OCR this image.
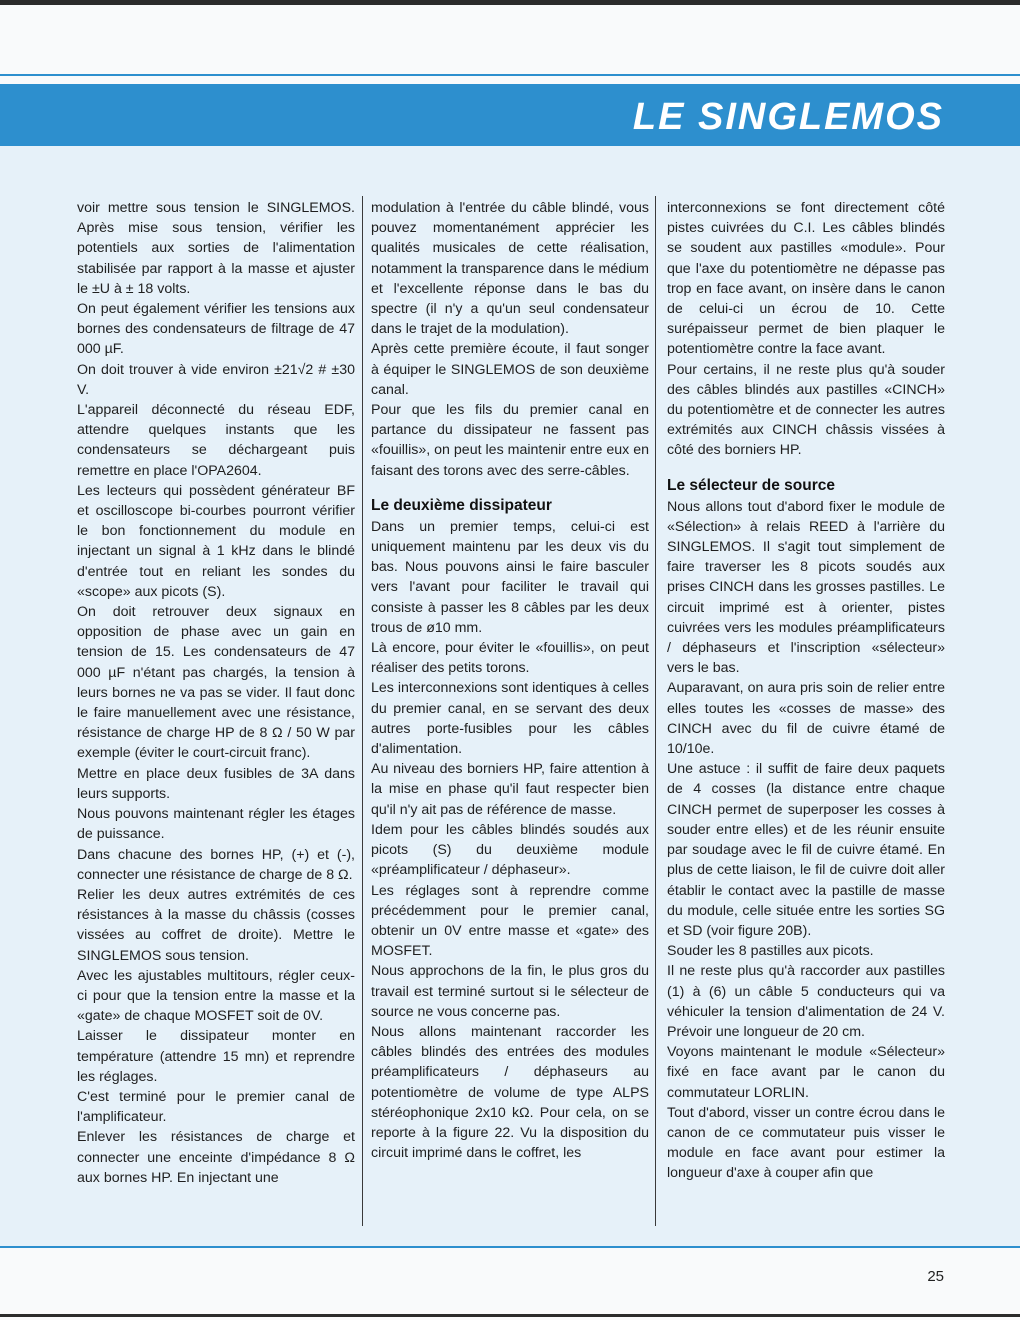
LE SINGLEMOS

voir mettre sous tension le SINGLEMOS. Après mise sous tension, vérifier les potentiels aux sorties de l'alimentation stabilisée par rapport à la masse et ajuster le ±U à ± 18 volts.

On peut également vérifier les tensions aux bornes des condensateurs de filtrage de 47 000 µF.

On doit trouver à vide environ ±21√2 # ±30 V.

L'appareil déconnecté du réseau EDF, attendre quelques instants que les condensateurs se déchargeant puis remettre en place l'OPA2604.

Les lecteurs qui possèdent générateur BF et oscilloscope bi-courbes pourront vérifier le bon fonctionnement du module en injectant un signal à 1 kHz dans le blindé d'entrée tout en reliant les sondes du «scope» aux picots (S).

On doit retrouver deux signaux en opposition de phase avec un gain en tension de 15. Les condensateurs de 47 000 µF n'étant pas chargés, la tension à leurs bornes ne va pas se vider. Il faut donc le faire manuellement avec une résistance, résistance de charge HP de 8 Ω / 50 W par exemple (éviter le court-circuit franc).

Mettre en place deux fusibles de 3A dans leurs supports.

Nous pouvons maintenant régler les étages de puissance.

Dans chacune des bornes HP, (+) et (-), connecter une résistance de charge de 8 Ω.

Relier les deux autres extrémités de ces résistances à la masse du châssis (cosses vissées au coffret de droite). Mettre le SINGLEMOS sous tension.

Avec les ajustables multitours, régler ceux-ci pour que la tension entre la masse et la «gate» de chaque MOSFET soit de 0V.

Laisser le dissipateur monter en température (attendre 15 mn) et reprendre les réglages.

C'est terminé pour le premier canal de l'amplificateur.

Enlever les résistances de charge et connecter une enceinte d'impédance 8 Ω aux bornes HP. En injectant une

modulation à l'entrée du câble blindé, vous pouvez momentanément apprécier les qualités musicales de cette réalisation, notamment la transparence dans le médium et l'excellente réponse dans le bas du spectre (il n'y a qu'un seul condensateur dans le trajet de la modulation).

Après cette première écoute, il faut songer à équiper le SINGLEMOS de son deuxième canal.

Pour que les fils du premier canal en partance du dissipateur ne fassent pas «fouillis», on peut les maintenir entre eux en faisant des torons avec des serre-câbles.

Le deuxième dissipateur

Dans un premier temps, celui-ci est uniquement maintenu par les deux vis du bas. Nous pouvons ainsi le faire basculer vers l'avant pour faciliter le travail qui consiste à passer les 8 câbles par les deux trous de ø10 mm.

Là encore, pour éviter le «fouillis», on peut réaliser des petits torons.

Les interconnexions sont identiques à celles du premier canal, en se servant des deux autres porte-fusibles pour les câbles d'alimentation.

Au niveau des borniers HP, faire attention à la mise en phase qu'il faut respecter bien qu'il n'y ait pas de référence de masse.

Idem pour les câbles blindés soudés aux picots (S) du deuxième module «préamplificateur / déphaseur».

Les réglages sont à reprendre comme précédemment pour le premier canal, obtenir un 0V entre masse et «gate» des MOSFET.

Nous approchons de la fin, le plus gros du travail est terminé surtout si le sélecteur de source ne vous concerne pas.

Nous allons maintenant raccorder les câbles blindés des entrées des modules préamplificateurs / déphaseurs au potentiomètre de volume de type ALPS stéréophonique 2x10 kΩ. Pour cela, on se reporte à la figure 22. Vu la disposition du circuit imprimé dans le coffret, les

interconnexions se font directement côté pistes cuivrées du C.I. Les câbles blindés se soudent aux pastilles «module». Pour que l'axe du potentiomètre ne dépasse pas trop en face avant, on insère dans le canon de celui-ci un écrou de 10. Cette surépaisseur permet de bien plaquer le potentiomètre contre la face avant.

Pour certains, il ne reste plus qu'à souder des câbles blindés aux pastilles «CINCH» du potentiomètre et de connecter les autres extrémités aux CINCH châssis vissées à côté des borniers HP.

Le sélecteur de source

Nous allons tout d'abord fixer le module de «Sélection» à relais REED à l'arrière du SINGLEMOS. Il s'agit tout simplement de faire traverser les 8 picots soudés aux prises CINCH dans les grosses pastilles. Le circuit imprimé est à orienter, pistes cuivrées vers les modules préamplificateurs / déphaseurs et l'inscription «sélecteur» vers le bas.

Auparavant, on aura pris soin de relier entre elles toutes les «cosses de masse» des CINCH avec du fil de cuivre étamé de 10/10e.

Une astuce : il suffit de faire deux paquets de 4 cosses (la distance entre chaque CINCH permet de superposer les cosses à souder entre elles) et de les réunir ensuite par soudage avec le fil de cuivre étamé. En plus de cette liaison, le fil de cuivre doit aller établir le contact avec la pastille de masse du module, celle située entre les sorties SG et SD (voir figure 20B).

Souder les 8 pastilles aux picots.

Il ne reste plus qu'à raccorder aux pastilles (1) à (6) un câble 5 conducteurs qui va véhiculer la tension d'alimentation de 24 V. Prévoir une longueur de 20 cm.

Voyons maintenant le module «Sélecteur» fixé en face avant par le canon du commutateur LORLIN.

Tout d'abord, visser un contre écrou dans le canon de ce commutateur puis visser le module en face avant pour estimer la longueur d'axe à couper afin que

25
